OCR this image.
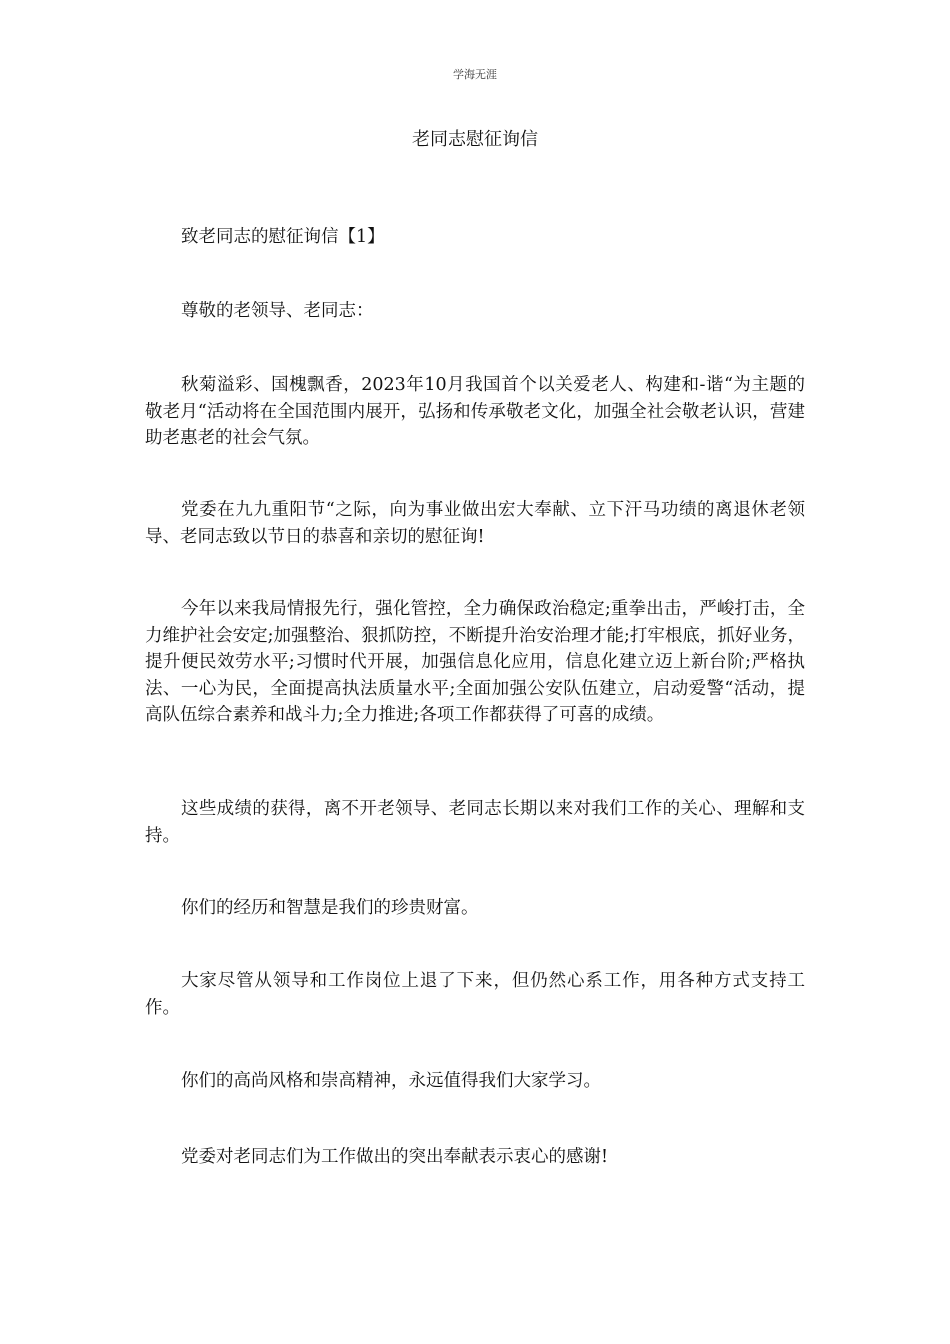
学海无涯
老同志慰征询信

致老同志的慰征询信【1】

尊敬的老领导、老同志：

秋菊溢彩、国槐飘香，2023年10月我国首个以关爱老人、构建和-谐“为主题的敬老月“活动将在全国范围内展开，弘扬和传承敬老文化，加强全社会敬老认识，营建助老惠老的社会气氛。

党委在九九重阳节“之际，向为事业做出宏大奉献、立下汗马功绩的离退休老领导、老同志致以节日的恭喜和亲切的慰征询!

今年以来我局情报先行，强化管控，全力确保政治稳定;重拳出击，严峻打击，全力维护社会安定;加强整治、狠抓防控，不断提升治安治理才能;打牢根底，抓好业务，提升便民效劳水平;习惯时代开展，加强信息化应用，信息化建立迈上新台阶;严格执法、一心为民，全面提高执法质量水平;全面加强公安队伍建立，启动爱警“活动，提高队伍综合素养和战斗力;全力推进;各项工作都获得了可喜的成绩。

这些成绩的获得，离不开老领导、老同志长期以来对我们工作的关心、理解和支持。

你们的经历和智慧是我们的珍贵财富。

大家尽管从领导和工作岗位上退了下来，但仍然心系工作，用各种方式支持工作。

你们的高尚风格和崇高精神，永远值得我们大家学习。

党委对老同志们为工作做出的突出奉献表示衷心的感谢!
